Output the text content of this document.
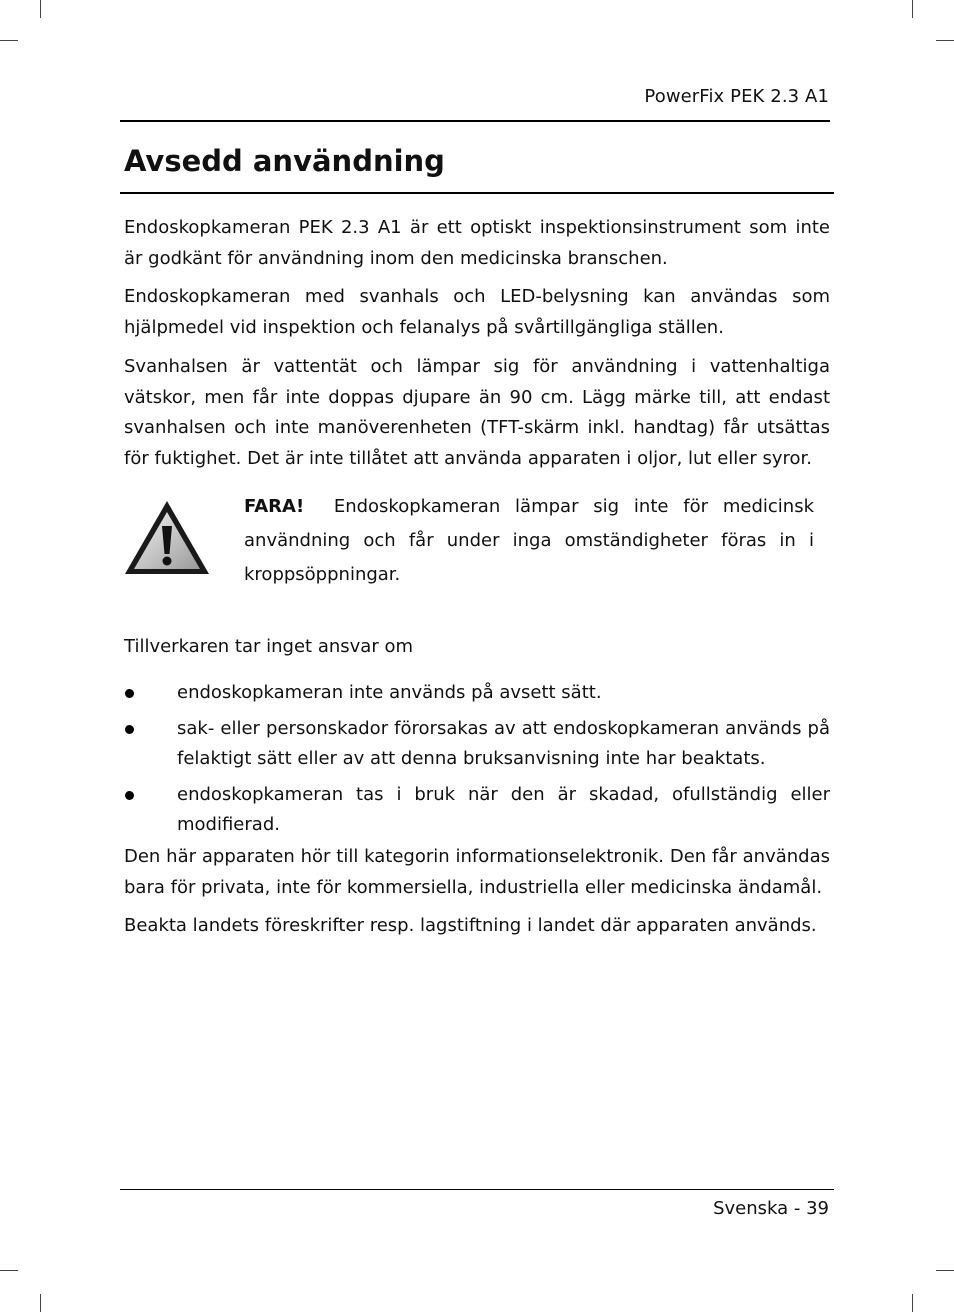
PowerFix PEK 2.3 A1
Avsedd användning

Endoskopkameran PEK 2.3 A1 är ett optiskt inspektionsinstrument som inte är godkänt för användning inom den medicinska branschen.

Endoskopkameran med svanhals och LED-belysning kan användas som hjälpmedel vid inspektion och felanalys på svårtillgängliga ställen.

Svanhalsen är vattentät och lämpar sig för användning i vattenhaltiga vätskor, men får inte doppas djupare än 90 cm. Lägg märke till, att endast svanhalsen och inte manöverenheten (TFT-skärm inkl. handtag) får utsättas för fuktighet. Det är inte tillåtet att använda apparaten i oljor, lut eller syror.

FARA! Endoskopkameran lämpar sig inte för medicinsk användning och får under inga omständigheter föras in i kroppsöppningar.
Tillverkaren tar inget ansvar om
endoskopkameran inte används på avsett sätt.
sak- eller personskador förorsakas av att endoskopkameran används på felaktigt sätt eller av att denna bruksanvisning inte har beaktats.
endoskopkameran tas i bruk när den är skadad, ofullständig eller modifierad.

Den här apparaten hör till kategorin informationselektronik. Den får användas bara för privata, inte för kommersiella, industriella eller medicinska ändamål.

Beakta landets föreskrifter resp. lagstiftning i landet där apparaten används.

Svenska - 39
